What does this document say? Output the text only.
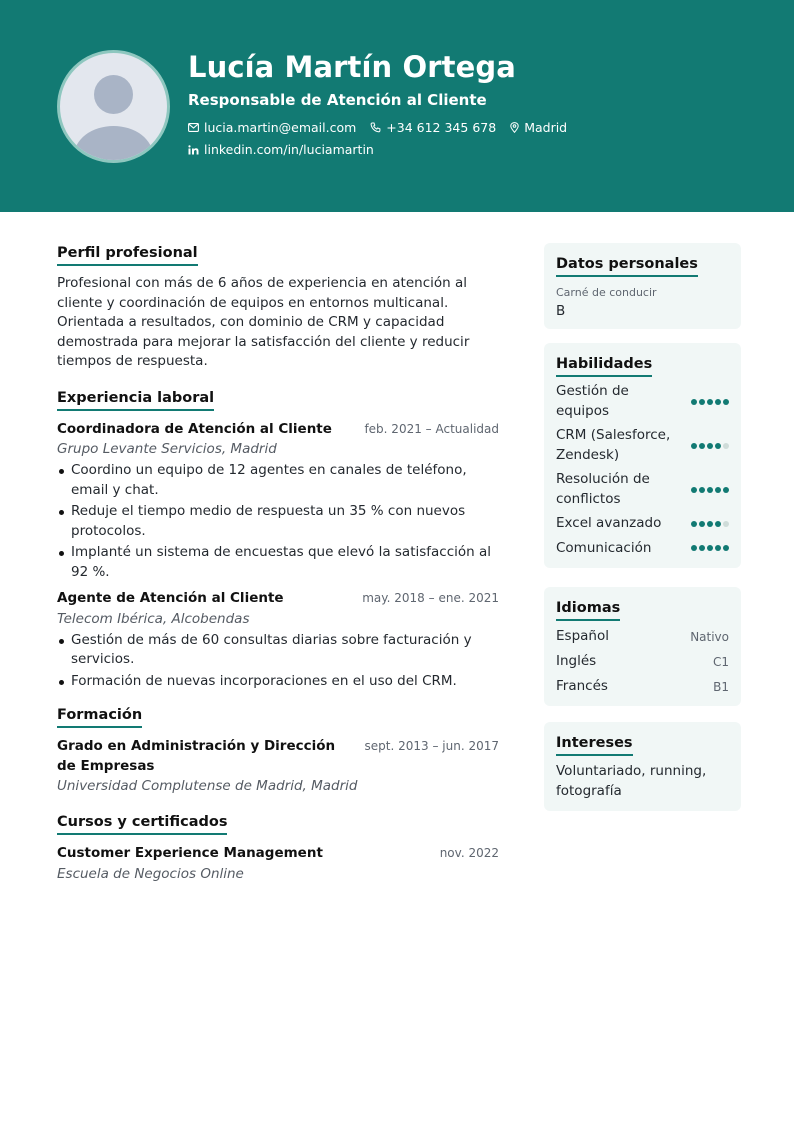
Lucía Martín Ortega
Responsable de Atención al Cliente
lucia.martin@email.com +34 612 345 678 Madrid
linkedin.com/in/luciamartin
Perfil profesional

Profesional con más de 6 años de experiencia en atención al cliente y coordinación de equipos en entornos multicanal. Orientada a resultados, con dominio de CRM y capacidad demostrada para mejorar la satisfacción del cliente y reducir tiempos de respuesta.

Experiencia laboral
Coordinadora de Atención al Cliente	feb. 2021 – Actualidad
Grupo Levante Servicios, Madrid
Coordino un equipo de 12 agentes en canales de teléfono, email y chat.
Reduje el tiempo medio de respuesta un 35 % con nuevos protocolos.
Implanté un sistema de encuestas que elevó la satisfacción al 92 %.
Agente de Atención al Cliente	may. 2018 – ene. 2021
Telecom Ibérica, Alcobendas
Gestión de más de 60 consultas diarias sobre facturación y servicios.
Formación de nuevas incorporaciones en el uso del CRM.
Formación
Grado en Administración y Dirección de Empresas
sept. 2013 – jun. 2017
Universidad Complutense de Madrid, Madrid
Cursos y certificados
Customer Experience Management	nov. 2022
Escuela de Negocios Online
Datos personales
Carné de conducir
B
Habilidades
Gestión de equipos
CRM (Salesforce, Zendesk)
Resolución de conflictos
Excel avanzado
Comunicación
Idiomas
Español	Nativo
Inglés	C1
Francés	B1
Intereses
Voluntariado, running, fotografía
